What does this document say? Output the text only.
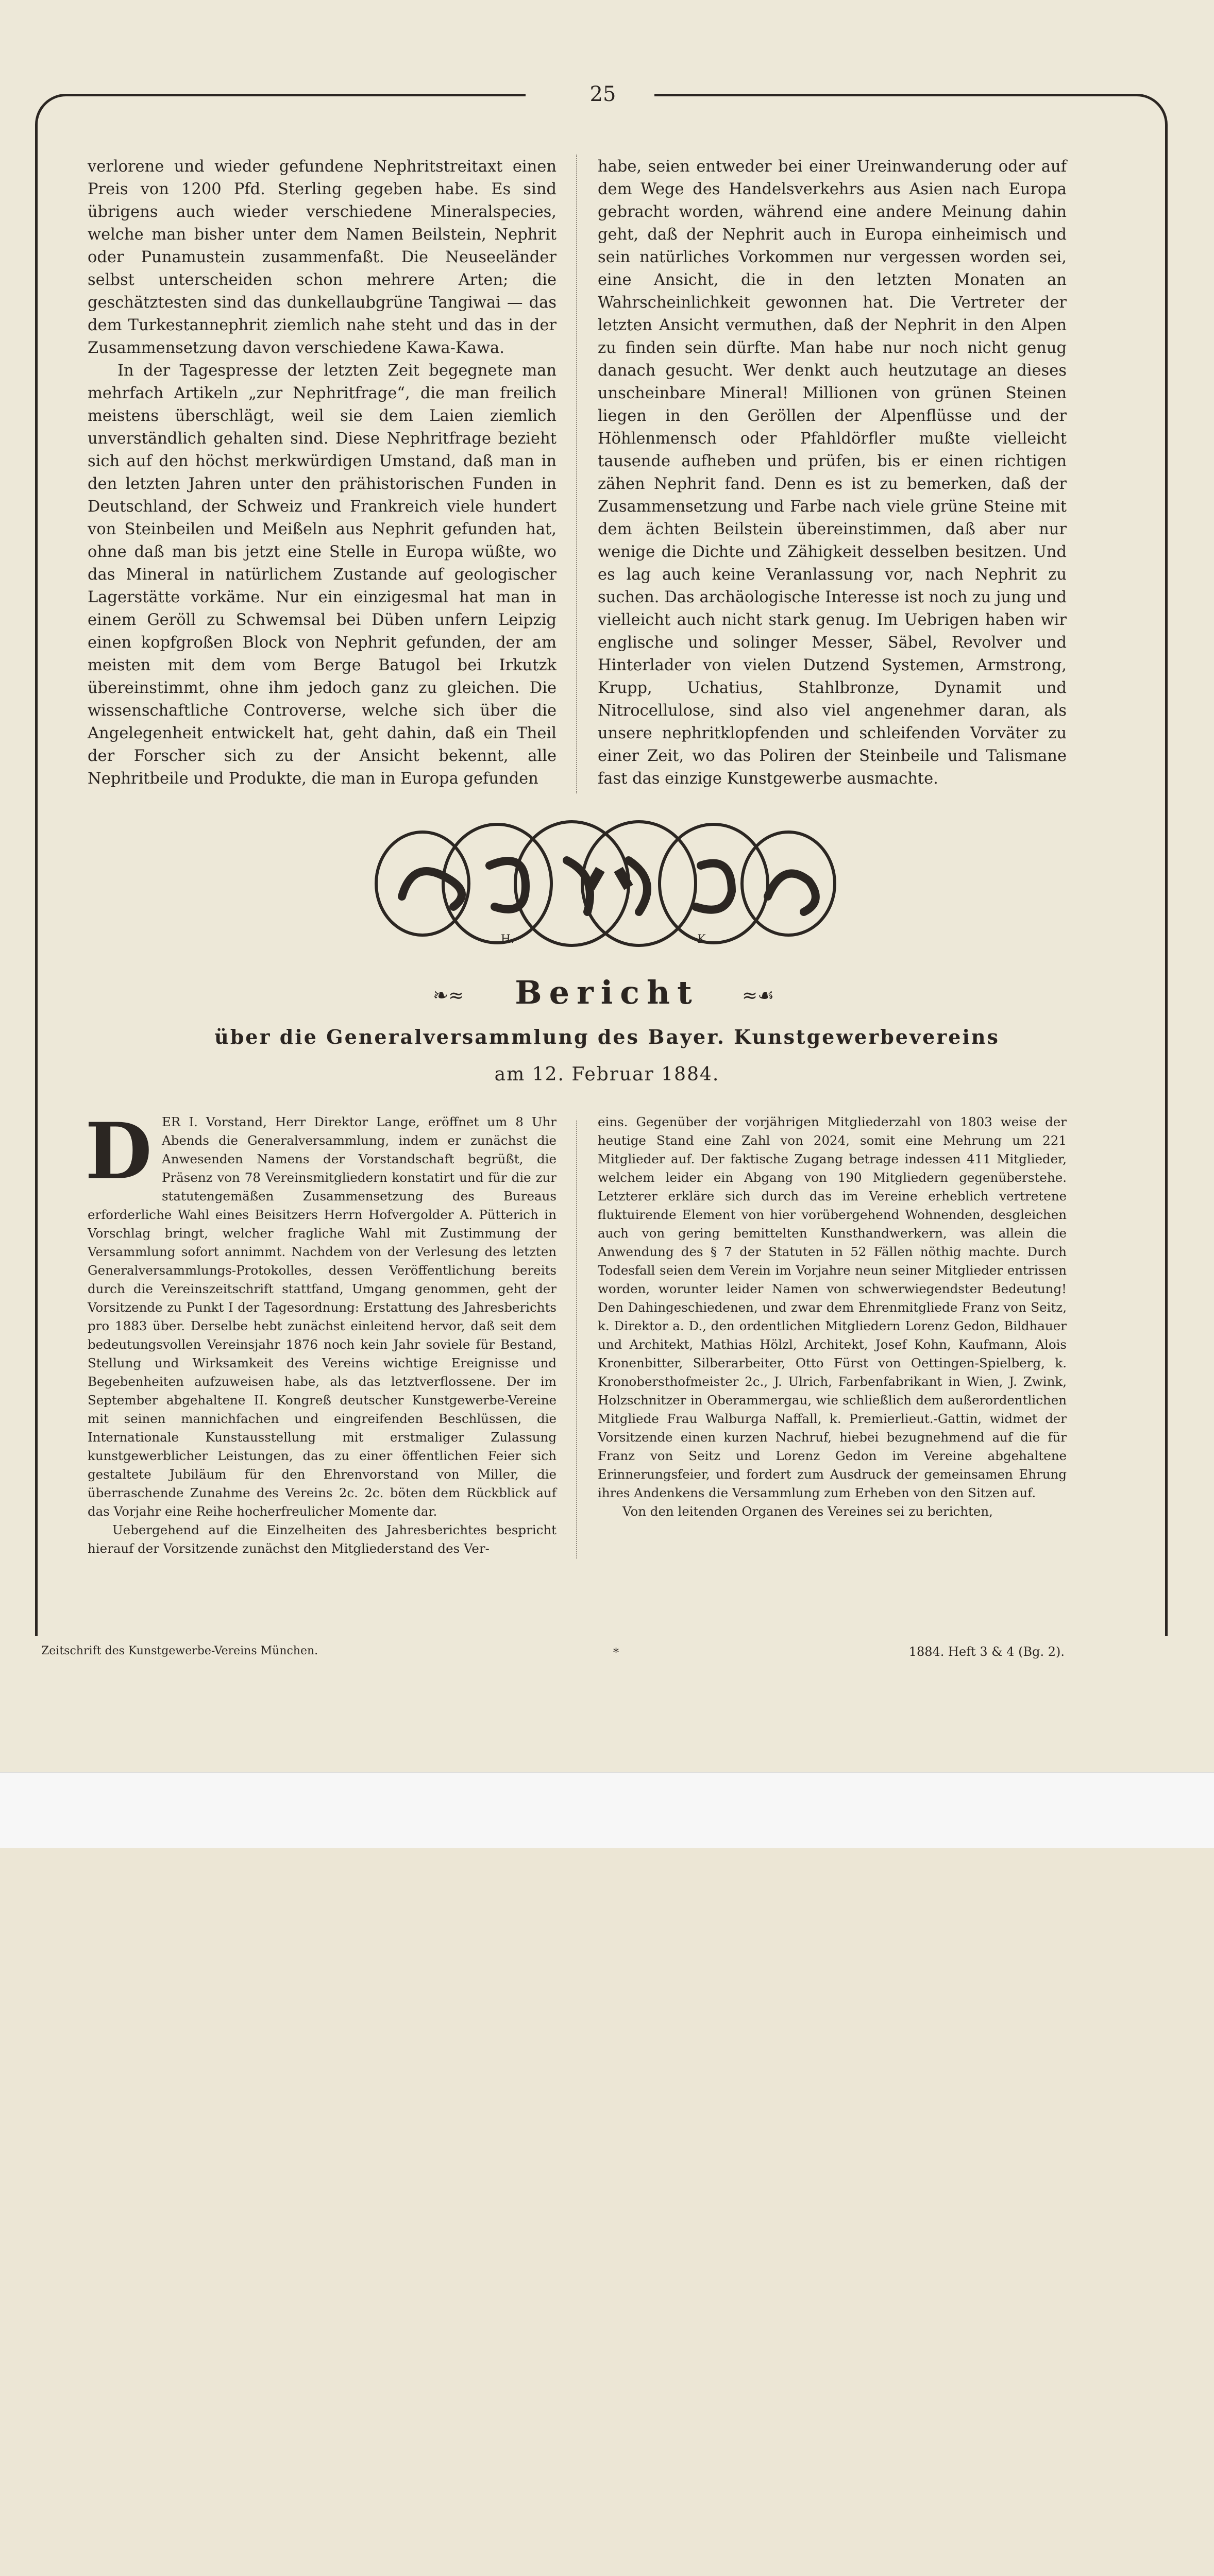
25

verlorene und wieder gefundene Nephritstreitaxt einen Preis von 1200 Pfd. Sterling gegeben habe. Es sind übrigens auch wieder verschiedene Mineralspecies, welche man bisher unter dem Namen Beilstein, Nephrit oder Punamustein zusammenfaßt. Die Neuseeländer selbst unterscheiden schon mehrere Arten; die geschätztesten sind das dunkellaubgrüne Tangiwai — das dem Turkestannephrit ziemlich nahe steht und das in der Zusammensetzung davon verschiedene Kawa-Kawa.

In der Tagespresse der letzten Zeit begegnete man mehrfach Artikeln „zur Nephritfrage“, die man freilich meistens überschlägt, weil sie dem Laien ziemlich unverständlich gehalten sind. Diese Nephritfrage bezieht sich auf den höchst merkwürdigen Umstand, daß man in den letzten Jahren unter den prähistorischen Funden in Deutschland, der Schweiz und Frankreich viele hundert von Steinbeilen und Meißeln aus Nephrit gefunden hat, ohne daß man bis jetzt eine Stelle in Europa wüßte, wo das Mineral in natürlichem Zustande auf geologischer Lagerstätte vorkäme. Nur ein einzigesmal hat man in einem Geröll zu Schwemsal bei Düben unfern Leipzig einen kopfgroßen Block von Nephrit gefunden, der am meisten mit dem vom Berge Batugol bei Irkutzk übereinstimmt, ohne ihm jedoch ganz zu gleichen. Die wissenschaftliche Controverse, welche sich über die Angelegenheit entwickelt hat, geht dahin, daß ein Theil der Forscher sich zu der Ansicht bekennt, alle Nephritbeile und Produkte, die man in Europa gefunden

habe, seien entweder bei einer Ureinwanderung oder auf dem Wege des Handelsverkehrs aus Asien nach Europa gebracht worden, während eine andere Meinung dahin geht, daß der Nephrit auch in Europa einheimisch und sein natürliches Vorkommen nur vergessen worden sei, eine Ansicht, die in den letzten Monaten an Wahrscheinlichkeit gewonnen hat. Die Vertreter der letzten Ansicht vermuthen, daß der Nephrit in den Alpen zu finden sein dürfte. Man habe nur noch nicht genug danach gesucht. Wer denkt auch heutzutage an dieses unscheinbare Mineral! Millionen von grünen Steinen liegen in den Geröllen der Alpenflüsse und der Höhlenmensch oder Pfahldörfler mußte vielleicht tausende aufheben und prüfen, bis er einen richtigen zähen Nephrit fand. Denn es ist zu bemerken, daß der Zusammensetzung und Farbe nach viele grüne Steine mit dem ächten Beilstein übereinstimmen, daß aber nur wenige die Dichte und Zähigkeit desselben besitzen. Und es lag auch keine Veranlassung vor, nach Nephrit zu suchen. Das archäologische Interesse ist noch zu jung und vielleicht auch nicht stark genug. Im Uebrigen haben wir englische und solinger Messer, Säbel, Revolver und Hinterlader von vielen Dutzend Systemen, Armstrong, Krupp, Uchatius, Stahlbronze, Dynamit und Nitrocellulose, sind also viel angenehmer daran, als unsere nephritklopfenden und schleifenden Vorväter zu einer Zeit, wo das Poliren der Steinbeile und Talismane fast das einzige Kunstgewerbe ausmachte.

H.	K.
❧≈	Bericht	≈☙
über die Generalversammlung des Bayer. Kunstgewerbevereins
am 12. Februar 1884.
D ER I. Vorstand, Herr Direktor Lange, eröffnet um 8 Uhr Abends die Generalversammlung, indem er zunächst die Anwesenden Namens der Vorstandschaft begrüßt, die Präsenz von 78 Vereinsmitgliedern konstatirt und für die zur statutengemäßen Zusammensetzung des Bureaus erforderliche Wahl eines Beisitzers Herrn Hofvergolder A. Pütterich in Vorschlag bringt, welcher fragliche Wahl mit Zustimmung der Versammlung sofort annimmt. Nachdem von der Verlesung des letzten Generalversammlungs-Protokolles, dessen Veröffentlichung bereits durch die Vereinszeitschrift stattfand, Umgang genommen, geht der Vorsitzende zu Punkt I der Tagesordnung: Erstattung des Jahresberichts pro 1883 über. Derselbe hebt zunächst einleitend hervor, daß seit dem bedeutungsvollen Vereinsjahr 1876 noch kein Jahr soviele für Bestand, Stellung und Wirksamkeit des Vereins wichtige Ereignisse und Begebenheiten aufzuweisen habe, als das letztverflossene. Der im September abgehaltene II. Kongreß deutscher Kunstgewerbe-Vereine mit seinen mannichfachen und eingreifenden Beschlüssen, die Internationale Kunstausstellung mit erstmaliger Zulassung kunstgewerblicher Leistungen, das zu einer öffentlichen Feier sich gestaltete Jubiläum für den Ehrenvorstand von Miller, die überraschende Zunahme des Vereins 2c. 2c. böten dem Rückblick auf das Vorjahr eine Reihe hocherfreulicher Momente dar.

Uebergehend auf die Einzelheiten des Jahresberichtes bespricht hierauf der Vorsitzende zunächst den Mitgliederstand des Ver-

eins. Gegenüber der vorjährigen Mitgliederzahl von 1803 weise der heutige Stand eine Zahl von 2024, somit eine Mehrung um 221 Mitglieder auf. Der faktische Zugang betrage indessen 411 Mitglieder, welchem leider ein Abgang von 190 Mitgliedern gegenüberstehe. Letzterer erkläre sich durch das im Vereine erheblich vertretene fluktuirende Element von hier vorübergehend Wohnenden, desgleichen auch von gering bemittelten Kunsthandwerkern, was allein die Anwendung des § 7 der Statuten in 52 Fällen nöthig machte. Durch Todesfall seien dem Verein im Vorjahre neun seiner Mitglieder entrissen worden, worunter leider Namen von schwerwiegendster Bedeutung! Den Dahingeschiedenen, und zwar dem Ehrenmitgliede Franz von Seitz, k. Direktor a. D., den ordentlichen Mitgliedern Lorenz Gedon, Bildhauer und Architekt, Mathias Hölzl, Architekt, Josef Kohn, Kaufmann, Alois Kronenbitter, Silberarbeiter, Otto Fürst von Oettingen-Spielberg, k. Kronobersthofmeister 2c., J. Ulrich, Farbenfabrikant in Wien, J. Zwink, Holzschnitzer in Oberammergau, wie schließlich dem außerordentlichen Mitgliede Frau Walburga Naffall, k. Premierlieut.-Gattin, widmet der Vorsitzende einen kurzen Nachruf, hiebei bezugnehmend auf die für Franz von Seitz und Lorenz Gedon im Vereine abgehaltene Erinnerungsfeier, und fordert zum Ausdruck der gemeinsamen Ehrung ihres Andenkens die Versammlung zum Erheben von den Sitzen auf.

Von den leitenden Organen des Vereines sei zu berichten,

Zeitschrift des Kunstgewerbe-Vereins München.	*	1884. Heft 3 & 4 (Bg. 2).
